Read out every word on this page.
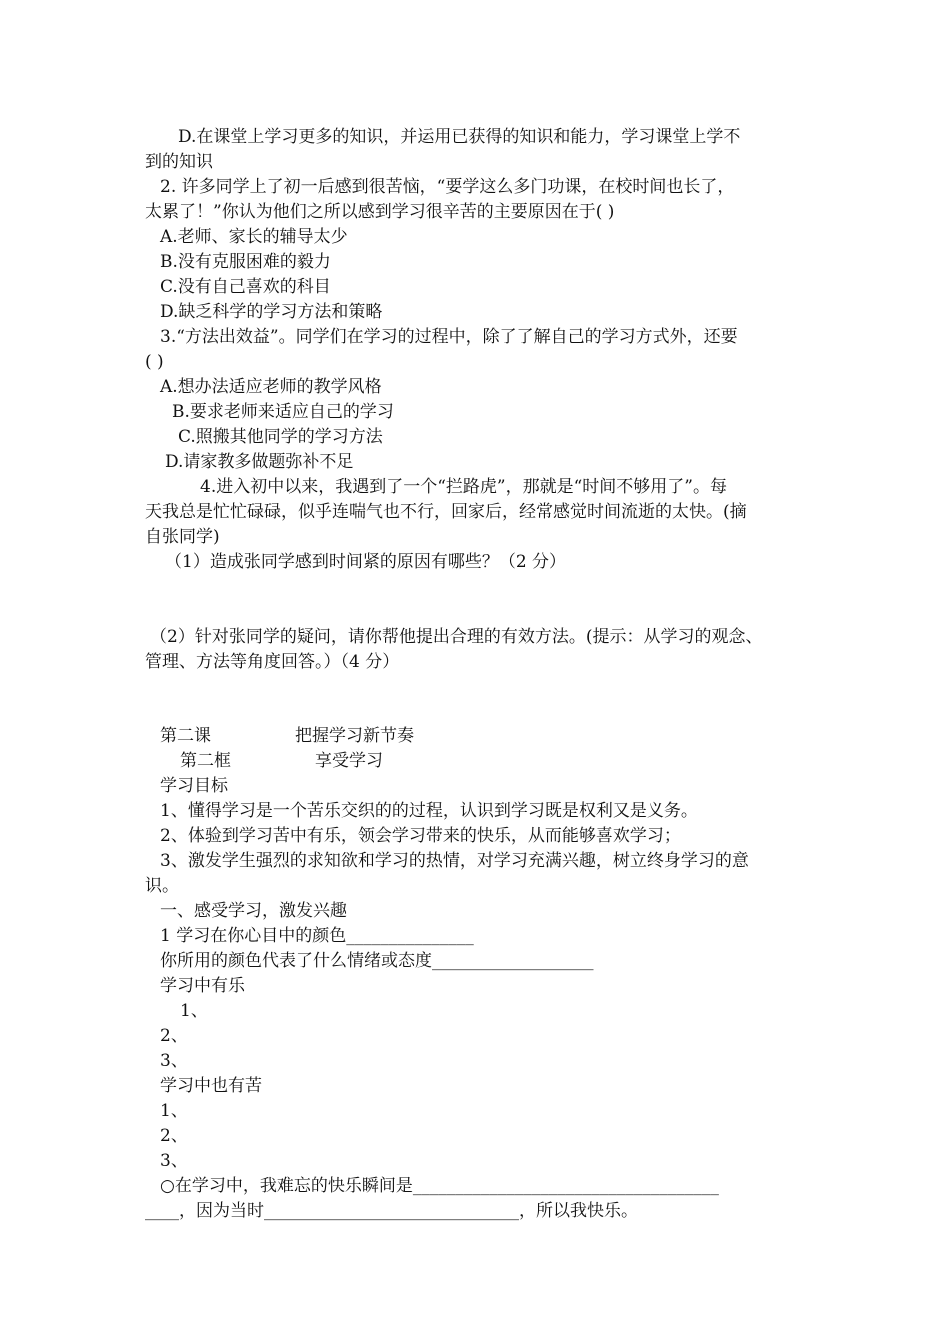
D.在课堂上学习更多的知识，并运用已获得的知识和能力，学习课堂上学不
到的知识
2. 许多同学上了初一后感到很苦恼，“要学这么多门功课，在校时间也长了，
太累了！”你认为他们之所以感到学习很辛苦的主要原因在于( )
A.老师、家长的辅导太少
B.没有克服困难的毅力
C.没有自己喜欢的科目
D.缺乏科学的学习方法和策略
3.“方法出效益”。同学们在学习的过程中，除了了解自己的学习方式外，还要
( )
A.想办法适应老师的教学风格
B.要求老师来适应自己的学习
C.照搬其他同学的学习方法
D.请家教多做题弥补不足
4.进入初中以来，我遇到了一个“拦路虎”，那就是“时间不够用了”。每
天我总是忙忙碌碌，似乎连喘气也不行，回家后，经常感觉时间流逝的太快。(摘
自张同学)
（1）造成张同学感到时间紧的原因有哪些？（2 分）
（2）针对张同学的疑问，请你帮他提出合理的有效方法。(提示：从学习的观念、
管理、方法等角度回答。）（4 分）
第二课	把握学习新节奏
第二框	享受学习
学习目标
1、懂得学习是一个苦乐交织的的过程，认识到学习既是权利又是义务。
2、体验到学习苦中有乐，领会学习带来的快乐，从而能够喜欢学习；
3、激发学生强烈的求知欲和学习的热情，对学习充满兴趣，树立终身学习的意
识。
一、感受学习，激发兴趣
1 学习在你心目中的颜色_______________
你所用的颜色代表了什么情绪或态度___________________
学习中有乐
1、
2、
3、
学习中也有苦
1、
2、
3、
○在学习中，我难忘的快乐瞬间是____________________________________
____，因为当时______________________________，所以我快乐。
